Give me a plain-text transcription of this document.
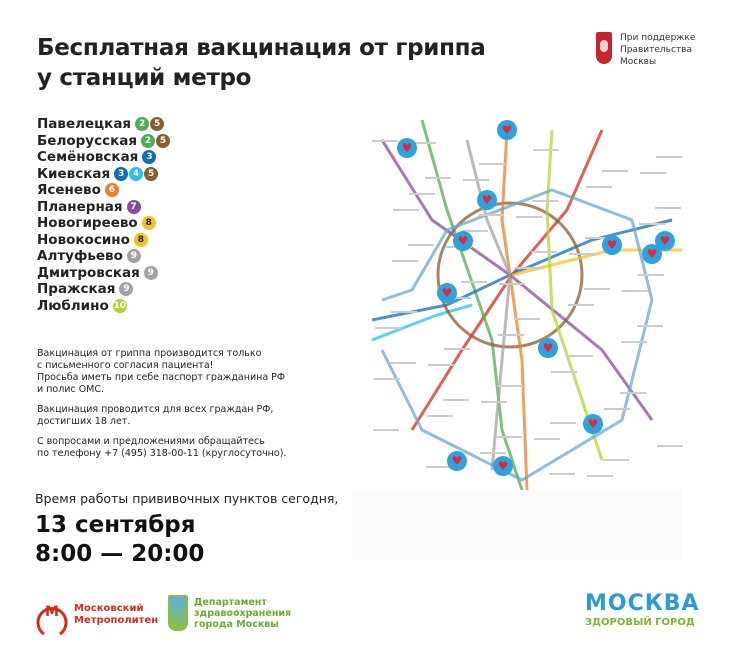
Бесплатная вакцинация от гриппа
у станций метро
При поддержке
Правительства
Москвы
Павелецкая 2 5
Белорусская 2 5
Семёновская 3
Киевская 3 4 5
Ясенево 6
Планерная 7
Новогиреево 8
Новокосино 8
Алтуфьево 9
Дмитровская 9
Пражская 9
Люблино 10

Вакцинация от гриппа производится только
с письменного согласия пациента!
Просьба иметь при себе паспорт гражданина РФ
и полис ОМС.

Вакцинация проводится для всех граждан РФ,
достигших 18 лет.

С вопросами и предложениями обращайтесь
по телефону +7 (495) 318-00-11 (круглосуточно).

Время работы прививочных пунктов сегодня,
13 сентября
8:00 — 20:00
♥
♥
♥
♥	♥	♥
♥
♥
♥
♥
♥	♥
М Московский
Метрополитен
Департамент
здравоохранения
города Москвы
МОСКВА
ЗДОРОВЫЙ ГОРОД
